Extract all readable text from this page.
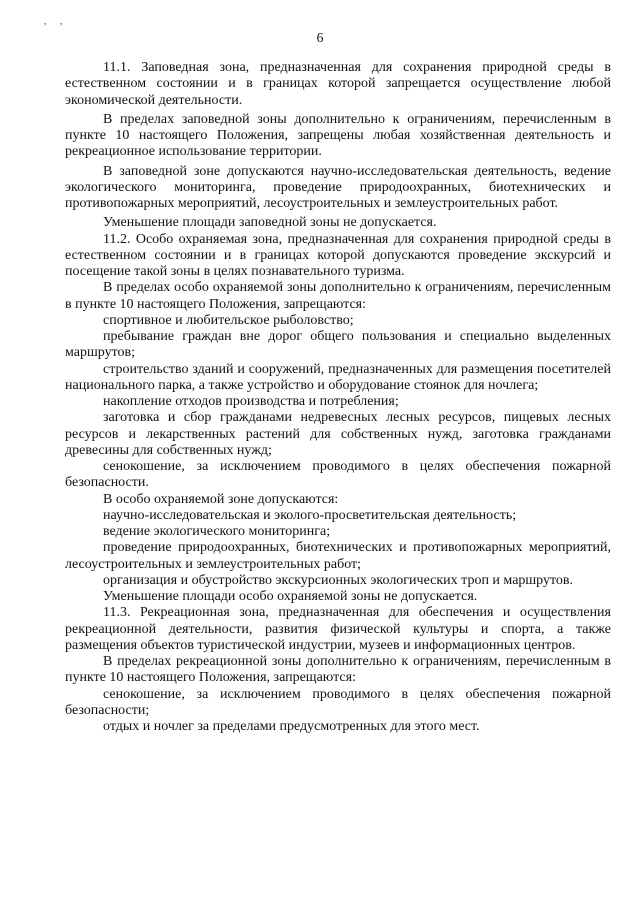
, ,
6

11.1. Заповедная зона, предназначенная для сохранения природной среды в естественном состоянии и в границах которой запрещается осуществление любой экономической деятельности.

В пределах заповедной зоны дополнительно к ограничениям, перечисленным в пункте 10 настоящего Положения, запрещены любая хозяйственная деятельность и рекреационное использование территории.

В заповедной зоне допускаются научно-исследовательская деятельность, ведение экологического мониторинга, проведение природоохранных, биотехнических и противопожарных мероприятий, лесоустроительных и землеустроительных работ.

Уменьшение площади заповедной зоны не допускается.

11.2. Особо охраняемая зона, предназначенная для сохранения природной среды в естественном состоянии и в границах которой допускаются проведение экскурсий и посещение такой зоны в целях познавательного туризма.

В пределах особо охраняемой зоны дополнительно к ограничениям, перечисленным в пункте 10 настоящего Положения, запрещаются:

спортивное и любительское рыболовство;

пребывание граждан вне дорог общего пользования и специально выделенных маршрутов;

строительство зданий и сооружений, предназначенных для размещения посетителей национального парка, а также устройство и оборудование стоянок для ночлега;

накопление отходов производства и потребления;

заготовка и сбор гражданами недревесных лесных ресурсов, пищевых лесных ресурсов и лекарственных растений для собственных нужд, заготовка гражданами древесины для собственных нужд;

сенокошение, за исключением проводимого в целях обеспечения пожарной безопасности.

В особо охраняемой зоне допускаются:

научно-исследовательская и эколого-просветительская деятельность;

ведение экологического мониторинга;

проведение природоохранных, биотехнических и противопожарных мероприятий, лесоустроительных и землеустроительных работ;

организация и обустройство экскурсионных экологических троп и маршрутов.

Уменьшение площади особо охраняемой зоны не допускается.

11.3. Рекреационная зона, предназначенная для обеспечения и осуществления рекреационной деятельности, развития физической культуры и спорта, а также размещения объектов туристической индустрии, музеев и информационных центров.

В пределах рекреационной зоны дополнительно к ограничениям, перечисленным в пункте 10 настоящего Положения, запрещаются:

сенокошение, за исключением проводимого в целях обеспечения пожарной безопасности;

отдых и ночлег за пределами предусмотренных для этого мест.
